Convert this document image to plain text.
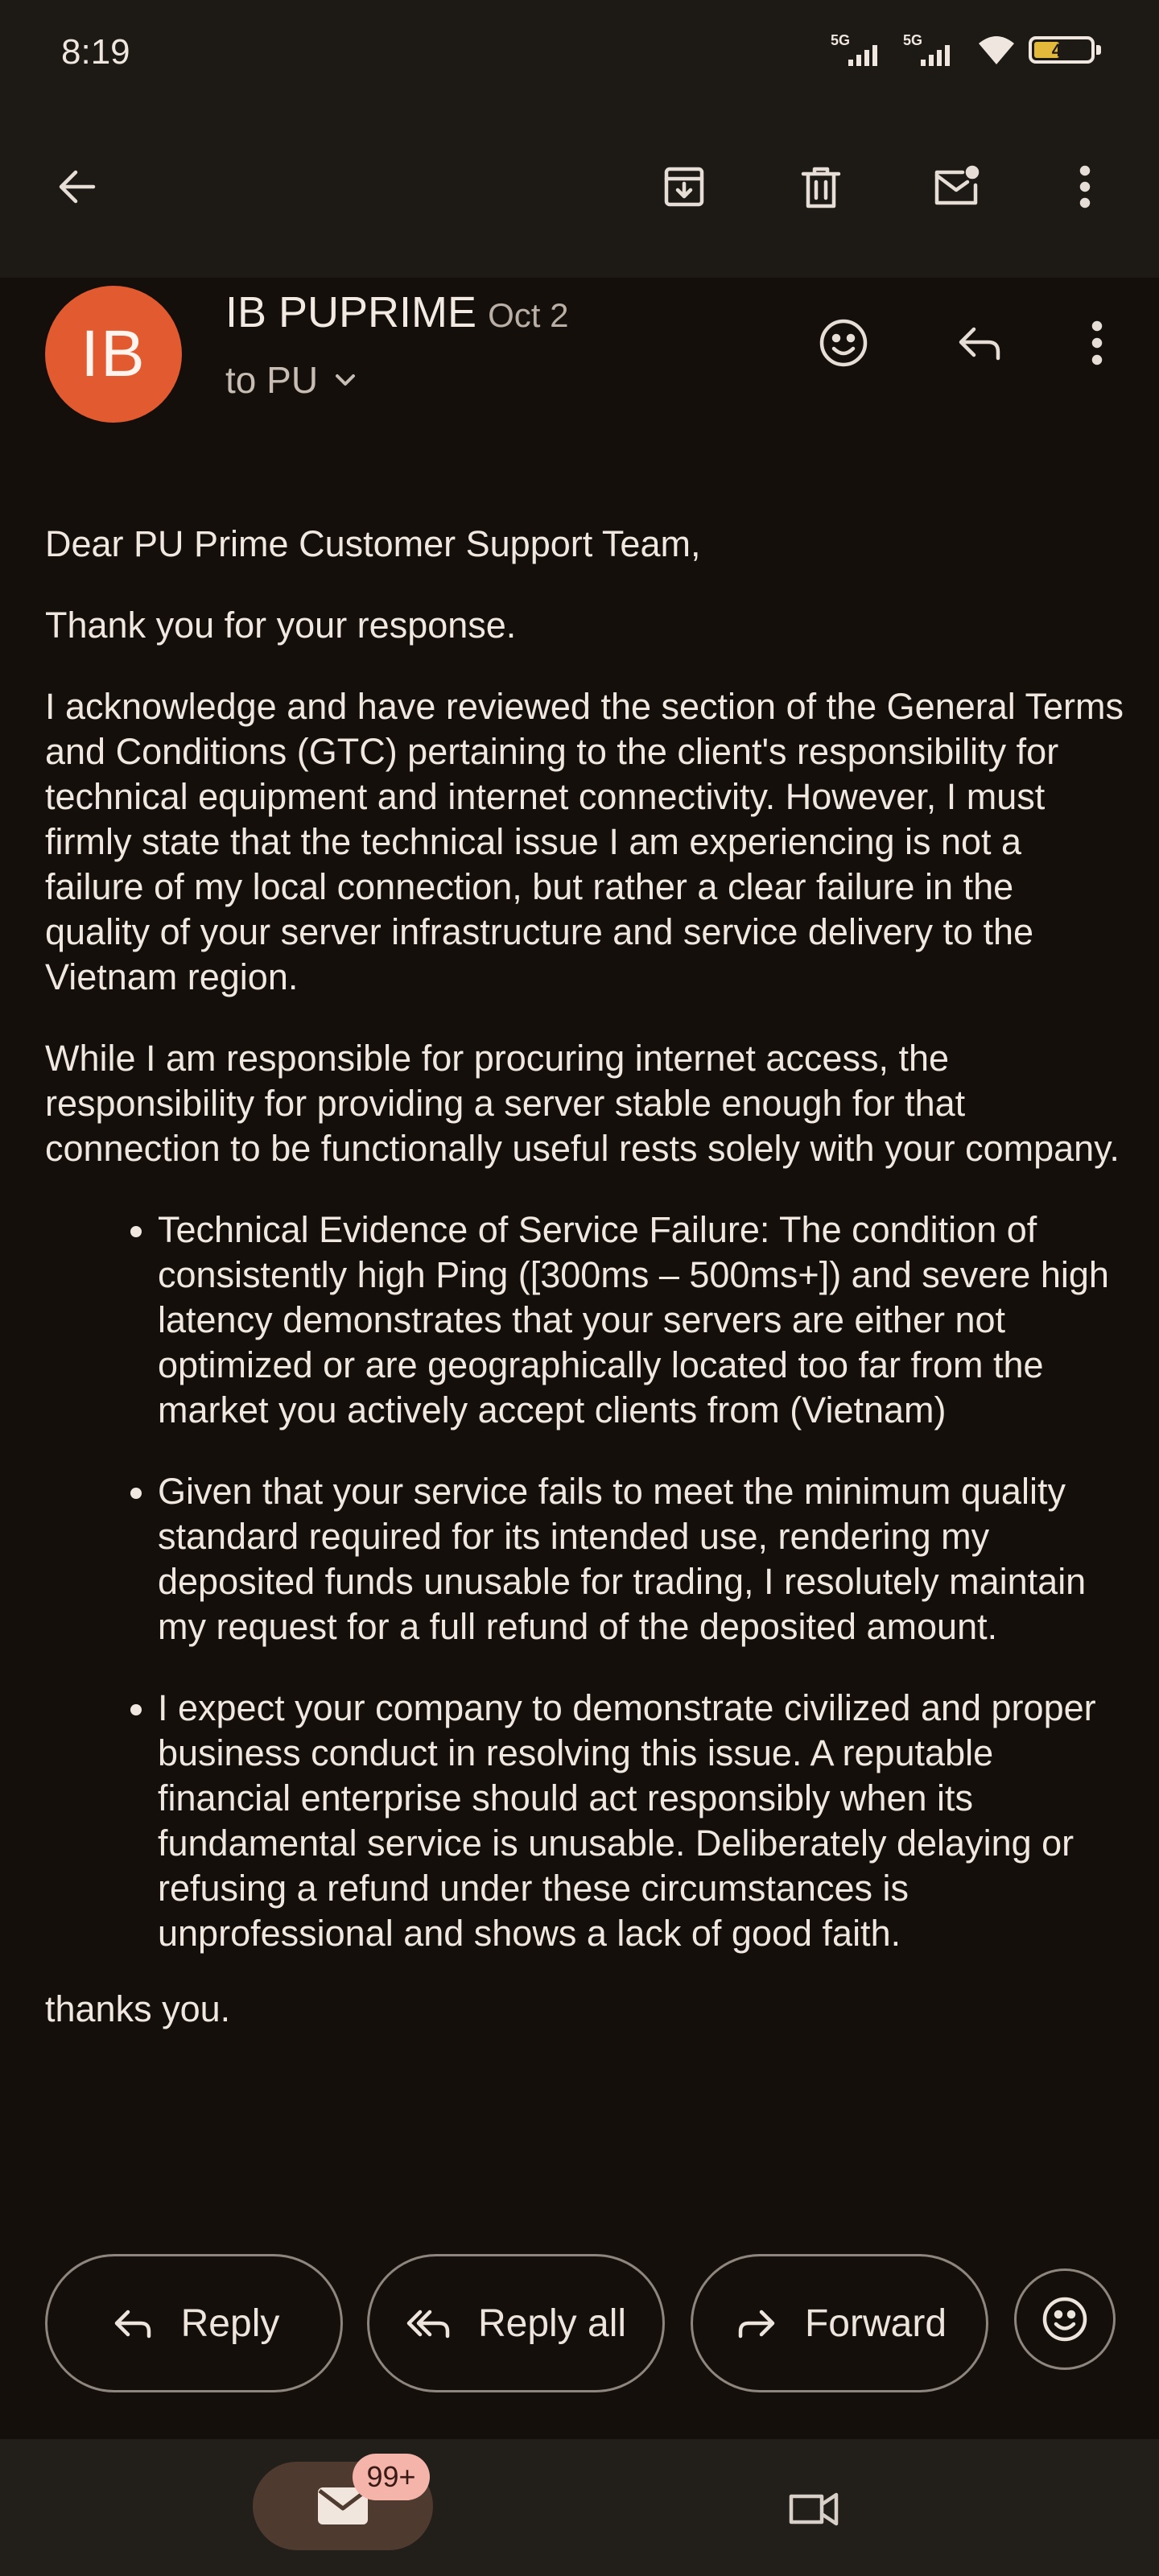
8:19	5G	5G	45
IB
IB PUPRIME Oct 2
to PU

Dear PU Prime Customer Support Team,

Thank you for your response.

I acknowledge and have reviewed the section of the General Terms and Conditions (GTC) pertaining to the client's responsibility for technical equipment and internet connectivity. However, I must firmly state that the technical issue I am experiencing is not a failure of my local connection, but rather a clear failure in the quality of your server infrastructure and service delivery to the Vietnam region.

While I am responsible for procuring internet access, the responsibility for providing a server stable enough for that connection to be functionally useful rests solely with your company.

• Technical Evidence of Service Failure: The condition of consistently high Ping ([300ms – 500ms+]) and severe high latency demonstrates that your servers are either not optimized or are geographically located too far from the market you actively accept clients from (Vietnam)
• Given that your service fails to meet the minimum quality standard required for its intended use, rendering my deposited funds unusable for trading, I resolutely maintain my request for a full refund of the deposited amount.
• I expect your company to demonstrate civilized and proper business conduct in resolving this issue. A reputable financial enterprise should act responsibly when its fundamental service is unusable. Deliberately delaying or refusing a refund under these circumstances is unprofessional and shows a lack of good faith.

thanks you.

Reply	Reply all	Forward
99+
